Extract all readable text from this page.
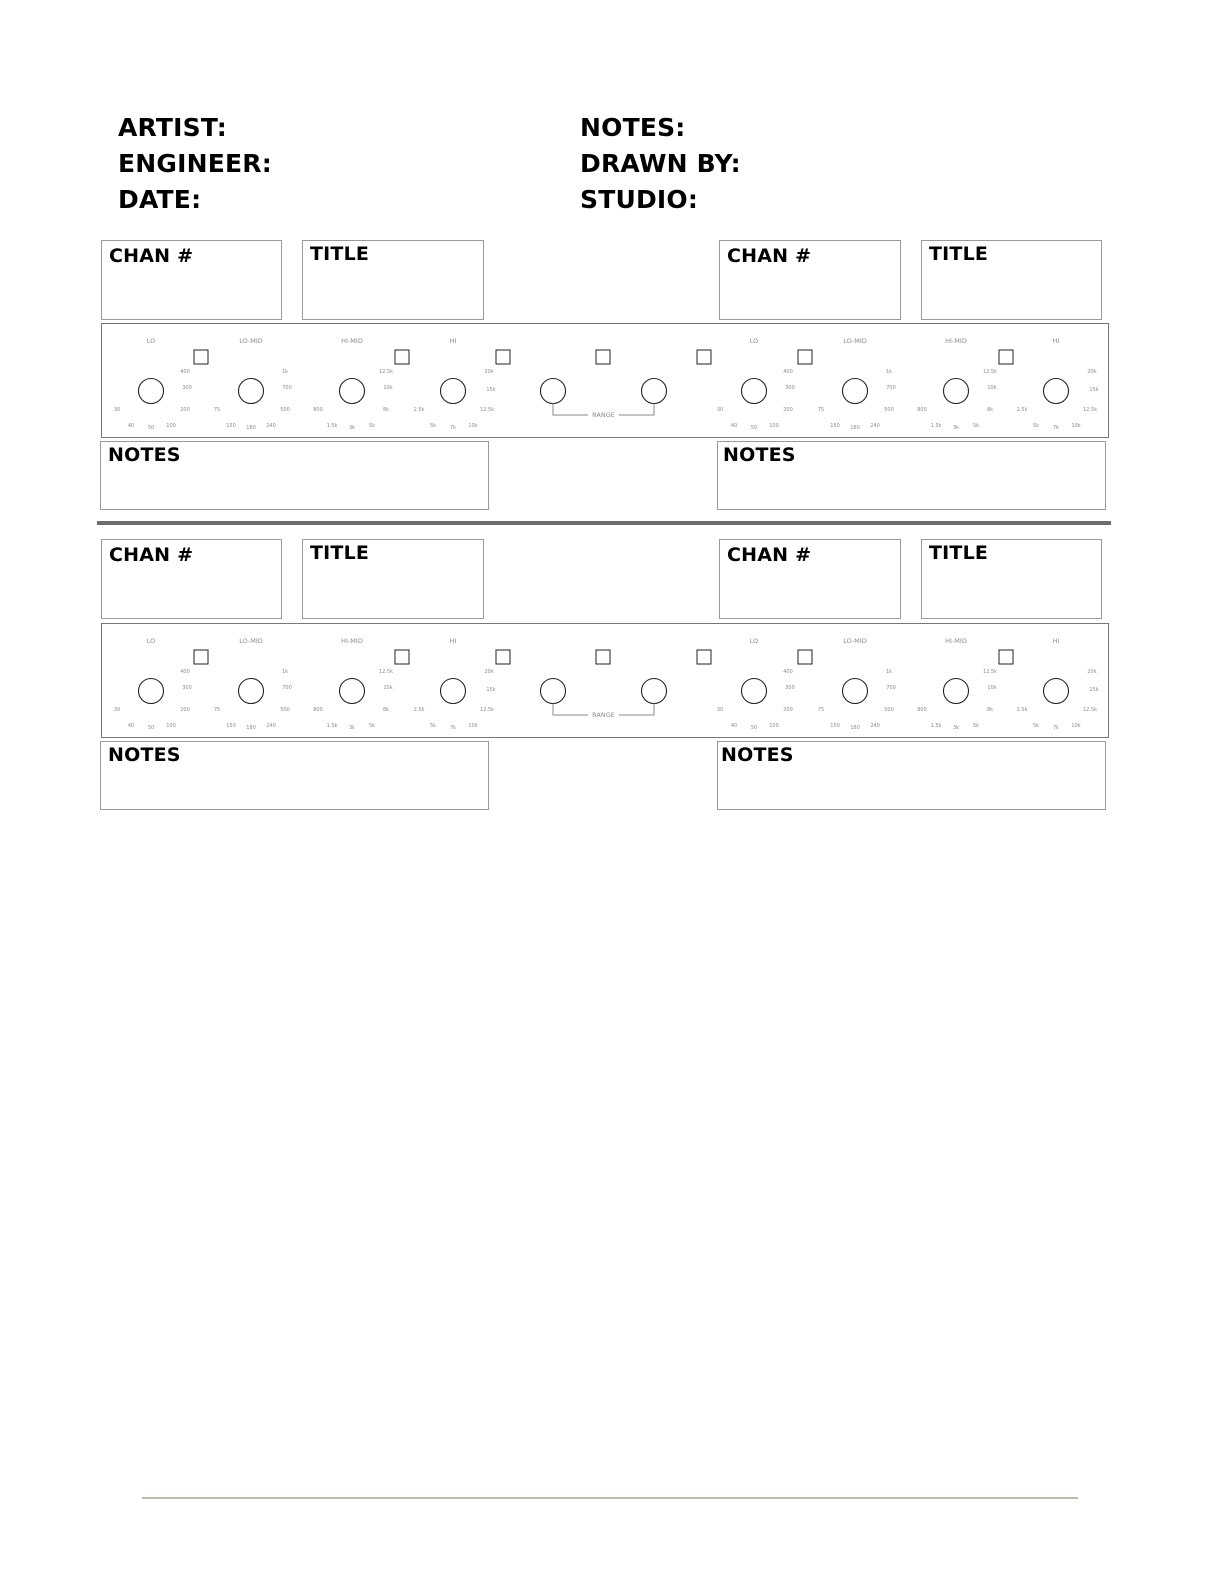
ARTIST:
ENGINEER:
DATE:
NOTES:
DRAWN BY:
STUDIO:
CHAN #	TITLE	CHAN #	TITLE
LO	LO-MID	HI-MID	HI	LO	LO-MID	HI-MID	HI
30
40	50 100
200
300
400
75
150 180 240
500
700
1k
800
1.5k 3k	5k
8k
10k
12.5k
2.5k
5k	7k 10k
12.5k
15k
20k
30
40	50 100
200
300
400
75
150 180 240
500
700
1k
800
1.5k 3k	5k
8k
10k
12.5k
2.5k
5k	7k 10k
12.5k
15k
20k
RANGE
NOTES	NOTES
CHAN #	TITLE	CHAN #	TITLE
LO	LO-MID	HI-MID	HI	LO	LO-MID	HI-MID	HI
30
40	50 100
200
300
400
75
150 180 240
500
700
1k
800
1.5k 3k	5k
8k
10k
12.5k
2.5k
5k	7k 10k
12.5k
15k
20k
30
40	50 100
200
300
400
75
150 180 240
500
700
1k
800
1.5k 3k	5k
8k
10k
12.5k
2.5k
5k	7k 10k
12.5k
15k
20k
RANGE
NOTES	NOTES
